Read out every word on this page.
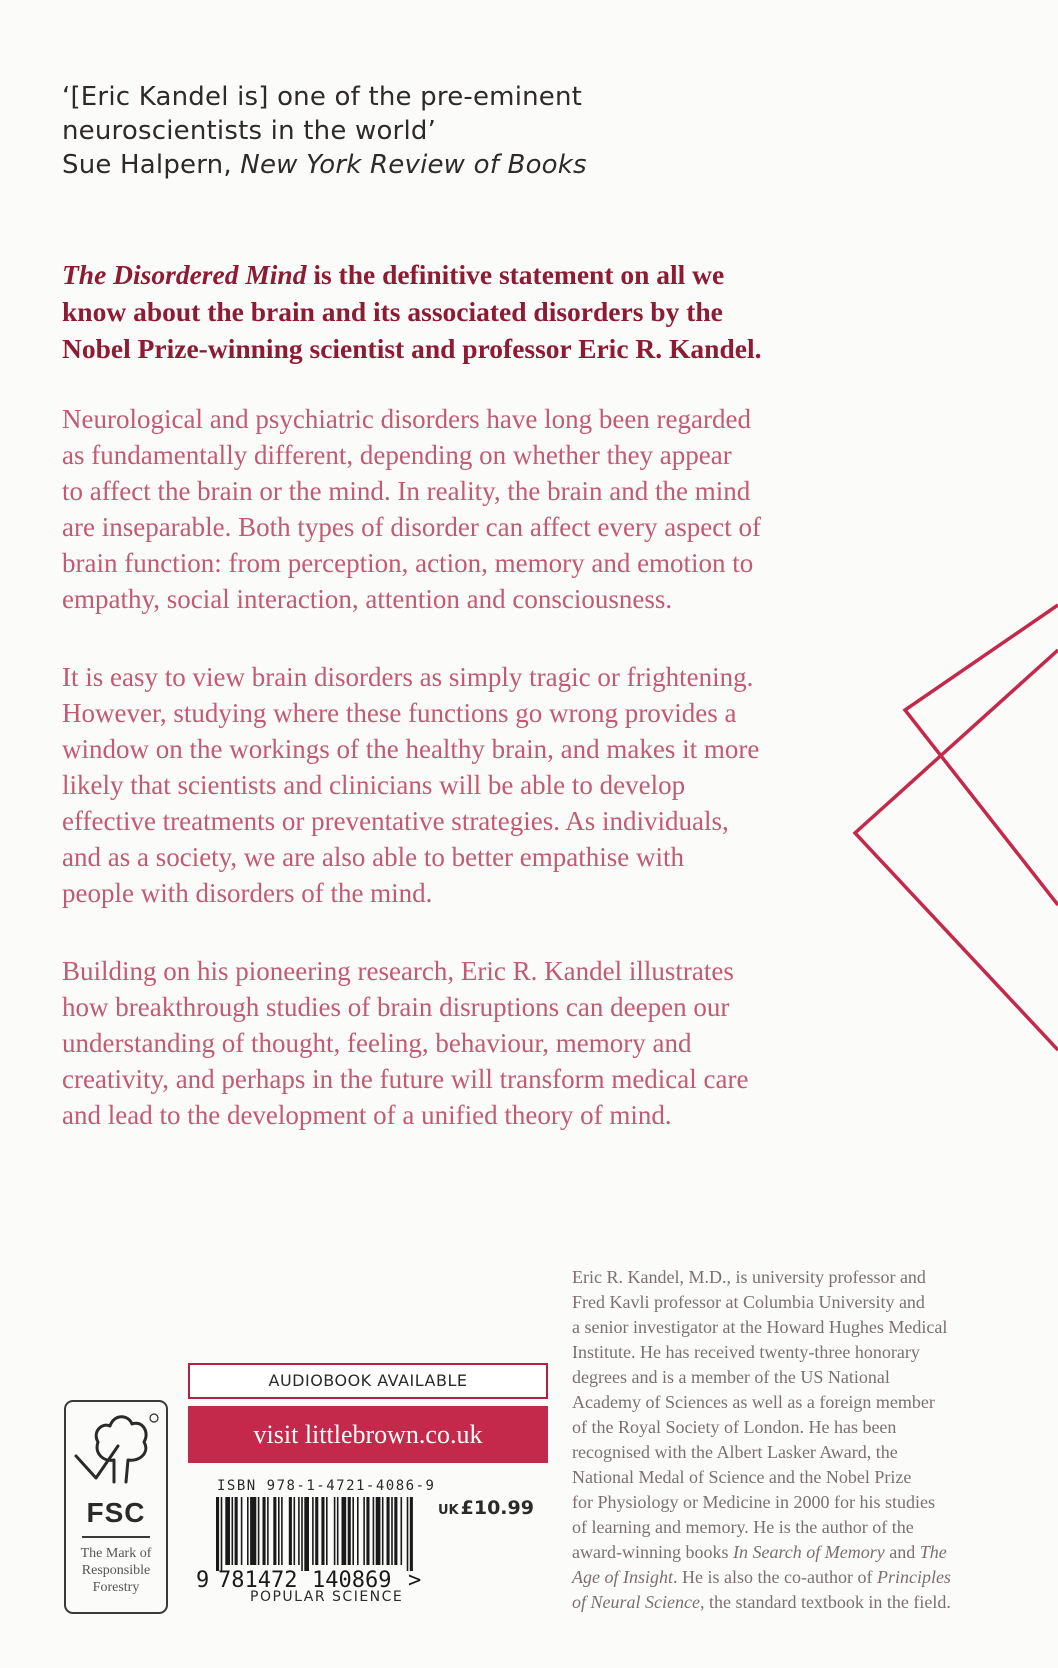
‘[Eric Kandel is] one of the pre-eminent
neuroscientists in the world’
Sue Halpern, New York Review of Books
The Disordered Mind is the definitive statement on all we
know about the brain and its associated disorders by the
Nobel Prize-winning scientist and professor Eric R. Kandel.
Neurological and psychiatric disorders have long been regarded
as fundamentally different, depending on whether they appear
to affect the brain or the mind. In reality, the brain and the mind
are inseparable. Both types of disorder can affect every aspect of
brain function: from perception, action, memory and emotion to
empathy, social interaction, attention and consciousness.
It is easy to view brain disorders as simply tragic or frightening.
However, studying where these functions go wrong provides a
window on the workings of the healthy brain, and makes it more
likely that scientists and clinicians will be able to develop
effective treatments or preventative strategies. As individuals,
and as a society, we are also able to better empathise with
people with disorders of the mind.
Building on his pioneering research, Eric R. Kandel illustrates
how breakthrough studies of brain disruptions can deepen our
understanding of thought, feeling, behaviour, memory and
creativity, and perhaps in the future will transform medical care
and lead to the development of a unified theory of mind.
Eric R. Kandel, M.D., is university professor and
Fred Kavli professor at Columbia University and
a senior investigator at the Howard Hughes Medical
Institute. He has received twenty-three honorary
degrees and is a member of the US National
Academy of Sciences as well as a foreign member
of the Royal Society of London. He has been
recognised with the Albert Lasker Award, the
National Medal of Science and the Nobel Prize
for Physiology or Medicine in 2000 for his studies
of learning and memory. He is the author of the
award-winning books In Search of Memory and The
Age of Insight. He is also the co-author of Principles
of Neural Science, the standard textbook in the field.
FSC
The Mark of
Responsible
Forestry
AUDIOBOOK AVAILABLE
visit littlebrown.co.uk
ISBN 978-1-4721-4086-9
9 781472 140869 >
UK £10.99
POPULAR SCIENCE
